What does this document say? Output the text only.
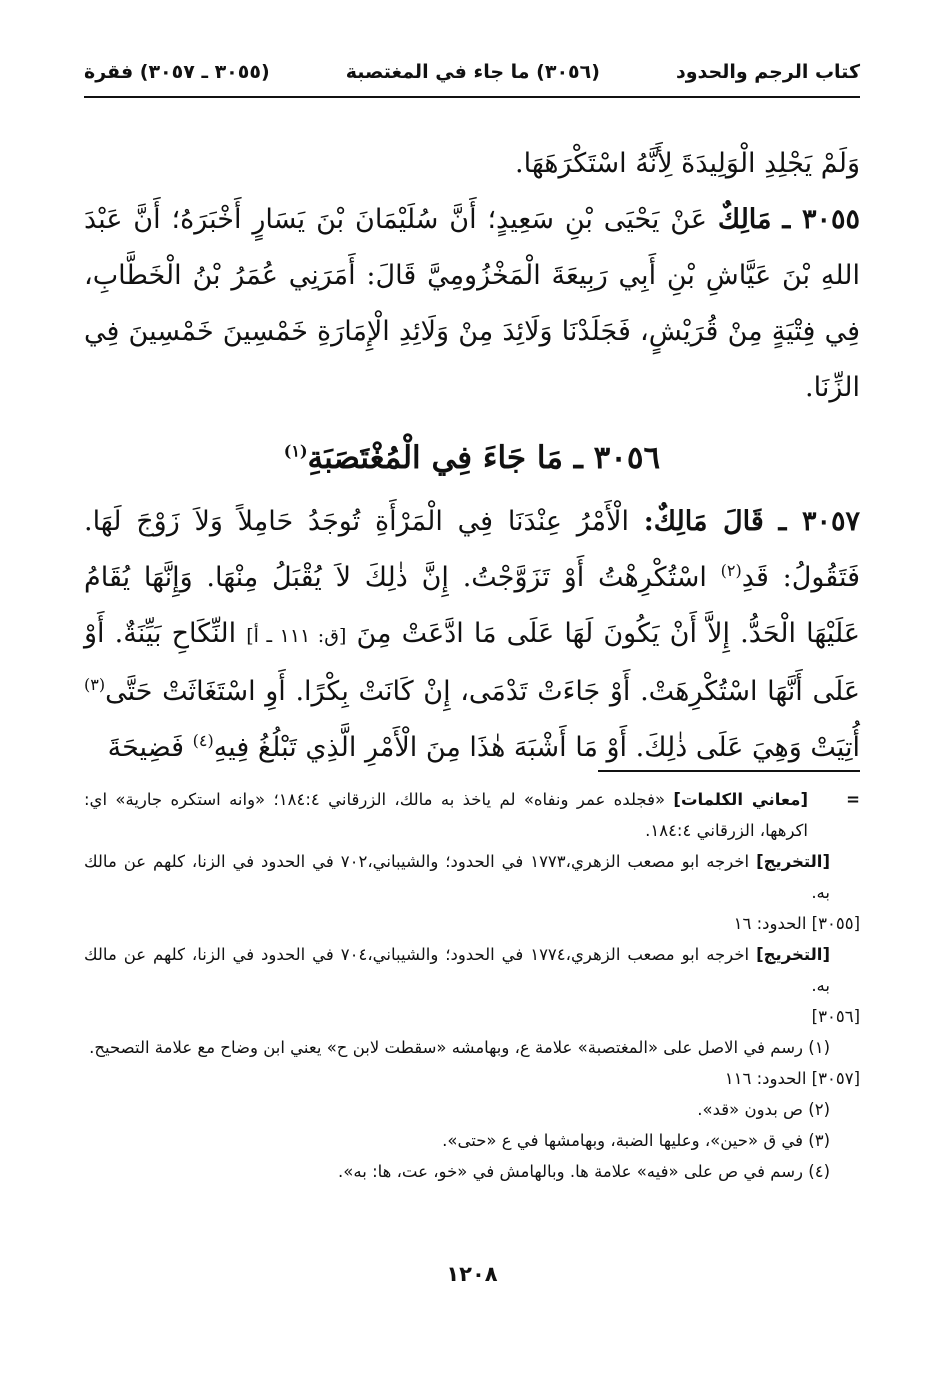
كتاب الرجم والحدود
(٣٠٥٦) ما جاء في المغتصبة
(٣٠٥٥ ـ ٣٠٥٧) فقرة

وَلَمْ يَجْلِدِ الْوَلِيدَةَ لِأَنَّهُ اسْتَكْرَهَهَا.

٣٠٥٥ ـ مَالِكٌ عَنْ يَحْيَى بْنِ سَعِيدٍ؛ أَنَّ سُلَيْمَانَ بْنَ يَسَارٍ أَخْبَرَهُ؛ أَنَّ عَبْدَ اللهِ بْنَ عَيَّاشِ بْنِ أَبِي رَبِيعَةَ الْمَخْزُومِيَّ قَالَ: أَمَرَنِي عُمَرُ بْنُ الْخَطَّابِ، فِي فِتْيَةٍ مِنْ قُرَيْشٍ، فَجَلَدْنَا وَلَائِدَ مِنْ وَلَائِدِ الْإِمَارَةِ خَمْسِينَ خَمْسِينَ فِي الزِّنَا.

٣٠٥٦ ـ مَا جَاءَ فِي الْمُغْتَصَبَةِ$^{(١)}$

٣٠٥٧ ـ قَالَ مَالِكٌ: الْأَمْرُ عِنْدَنَا فِي الْمَرْأَةِ تُوجَدُ حَامِلاً وَلاَ زَوْجَ لَهَا. فَتَقُولُ: قَدِ$^{(٢)}$ اسْتُكْرِهْتُ أَوْ تَزَوَّجْتُ. إِنَّ ذٰلِكَ لاَ يُقْبَلُ مِنْهَا. وَإِنَّهَا يُقَامُ عَلَيْهَا الْحَدُّ. إِلاَّ أَنْ يَكُونَ لَهَا عَلَى مَا ادَّعَتْ مِنَ [ق: ١١١ ـ أ] النِّكَاحِ بَيِّنَةٌ. أَوْ عَلَى أَنَّهَا اسْتُكْرِهَتْ. أَوْ جَاءَتْ تَدْمَى، إِنْ كَانَتْ بِكْرًا. أَوِ اسْتَغَاثَتْ حَتَّى$^{(٣)}$ أُتِيَتْ وَهِيَ عَلَى ذٰلِكَ. أَوْ مَا أَشْبَهَ هٰذَا مِنَ الْأَمْرِ الَّذِي تَبْلُغُ فِيهِ$^{(٤)}$ فَضِيحَةَ

=
[معاني الكلمات] «فجلده عمر ونفاه» لم ياخذ به مالك، الزرقاني ١٨٤:٤؛ «وانه استكره جارية» اي: اكرهها، الزرقاني ١٨٤:٤.

[التخريج] اخرجه ابو مصعب الزهري،١٧٧٣ في الحدود؛ والشيباني،٧٠٢ في الحدود في الزنا، كلهم عن مالك به.

[٣٠٥٥] الحدود: ١٦

[التخريج] اخرجه ابو مصعب الزهري،١٧٧٤ في الحدود؛ والشيباني،٧٠٤ في الحدود في الزنا، كلهم عن مالك به.

[٣٠٥٦]

(١) رسم في الاصل على «المغتصبة» علامة ع، وبهامشه «سقطت لابن ح» يعني ابن وضاح مع علامة التصحيح.

[٣٠٥٧] الحدود: ١١٦

(٢) ص بدون «قد».

(٣) في ق «حين»، وعليها الضبة، وبهامشها في ع «حتى».

(٤) رسم في ص على «فيه» علامة ها. وبالهامش في «خو، عت، ها: به».

١٢٠٨
